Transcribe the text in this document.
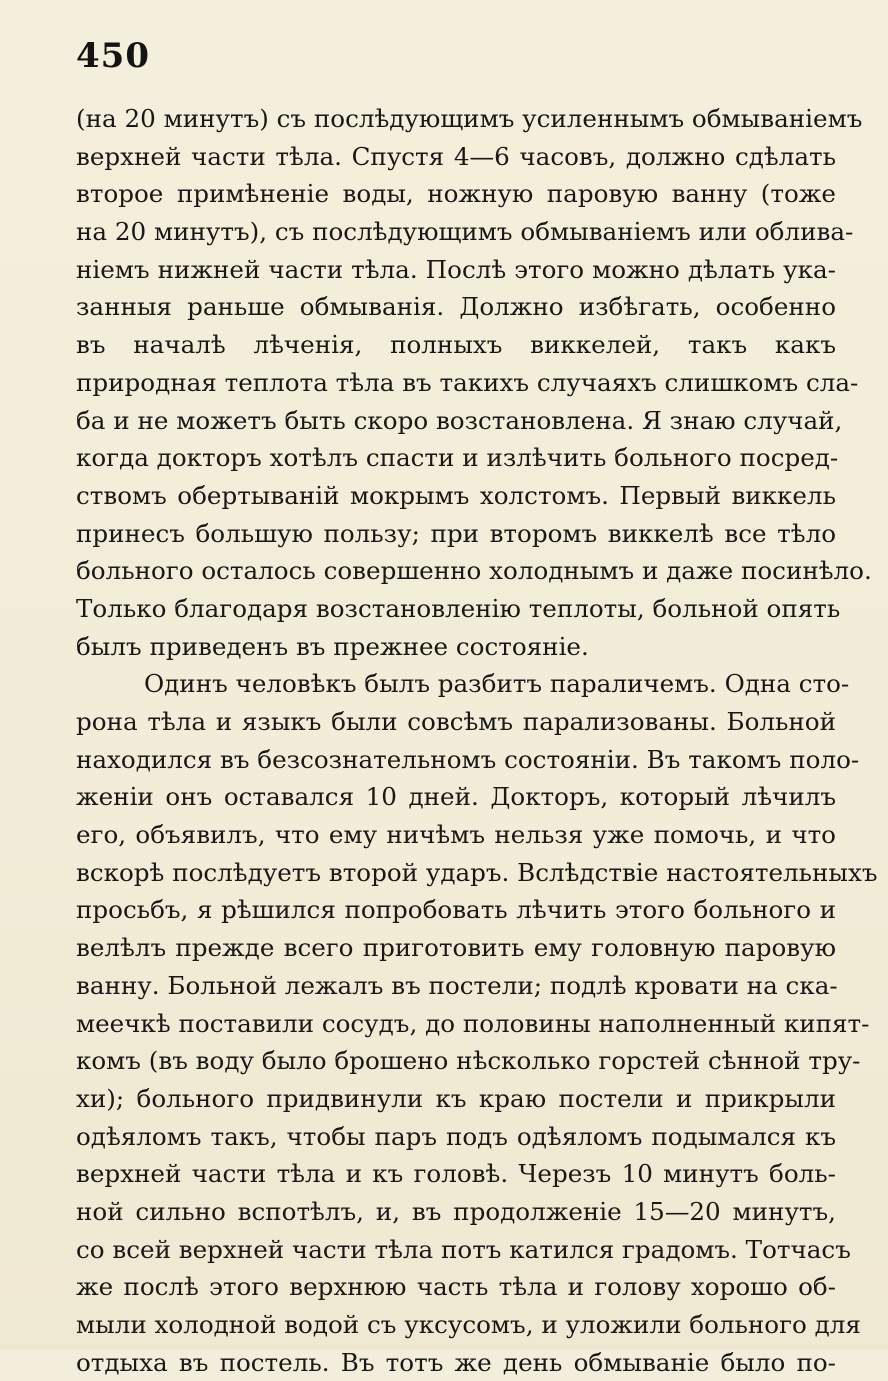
450
(на 20 минутъ) съ послѣдующимъ усиленнымъ обмываніемъ
верхней части тѣла. Спустя 4—6 часовъ, должно сдѣлать
второе примѣненіе воды, ножную паровую ванну (тоже
на 20 минутъ), съ послѣдующимъ обмываніемъ или облива-
ніемъ нижней части тѣла. Послѣ этого можно дѣлать ука-
занныя раньше обмыванія. Должно избѣгать, особенно
въ началѣ лѣченія, полныхъ виккелей, такъ какъ
природная теплота тѣла въ такихъ случаяхъ слишкомъ сла-
ба и не можетъ быть скоро возстановлена. Я знаю случай,
когда докторъ хотѣлъ спасти и излѣчить больного посред-
ствомъ обертываній мокрымъ холстомъ. Первый виккель
принесъ большую пользу; при второмъ виккелѣ все тѣло
больного осталось совершенно холоднымъ и даже посинѣло.
Только благодаря возстановленію теплоты, больной опять
былъ приведенъ въ прежнее состояніе.
Одинъ человѣкъ былъ разбитъ параличемъ. Одна сто-
рона тѣла и языкъ были совсѣмъ парализованы. Больной
находился въ безсознательномъ состояніи. Въ такомъ поло-
женіи онъ оставался 10 дней. Докторъ, который лѣчилъ
его, объявилъ, что ему ничѣмъ нельзя уже помочь, и что
вскорѣ послѣдуетъ второй ударъ. Вслѣдствіе настоятельныхъ
просьбъ, я рѣшился попробовать лѣчить этого больного и
велѣлъ прежде всего приготовить ему головную паровую
ванну. Больной лежалъ въ постели; подлѣ кровати на ска-
меечкѣ поставили сосудъ, до половины наполненный кипят-
комъ (въ воду было брошено нѣсколько горстей сѣнной тру-
хи); больного придвинули къ краю постели и прикрыли
одѣяломъ такъ, чтобы паръ подъ одѣяломъ подымался къ
верхней части тѣла и къ головѣ. Черезъ 10 минутъ боль-
ной сильно вспотѣлъ, и, въ продолженіе 15—20 минутъ,
со всей верхней части тѣла потъ катился градомъ. Тотчасъ
же послѣ этого верхнюю часть тѣла и голову хорошо об-
мыли холодной водой съ уксусомъ, и уложили больного для
отдыха въ постель. Въ тотъ же день обмываніе было по-
